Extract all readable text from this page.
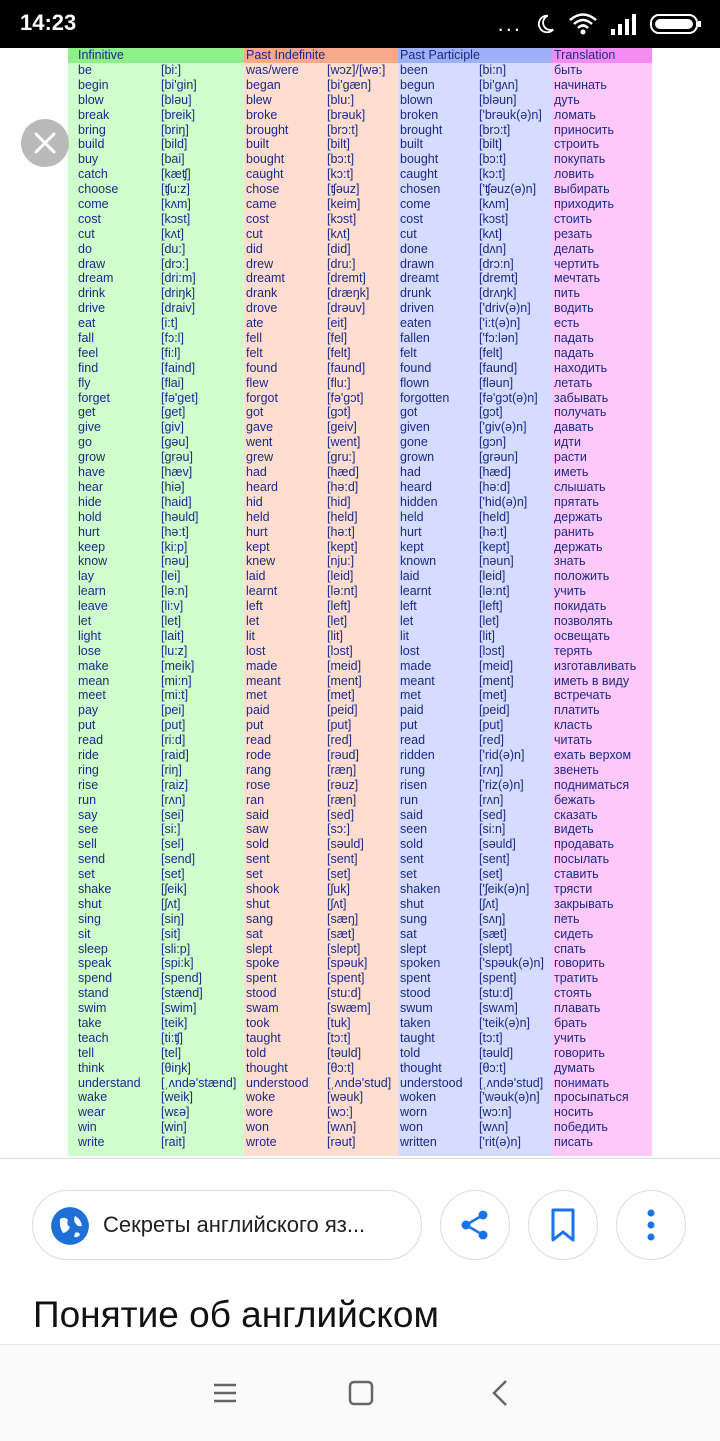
14:23	...
Infinitive	Past Indefinite	Past Participle	Translation
be	[bi:]	was/were [wɔz]/[wə:] been	[bi:n]	быть
begin	[bi'gin]	began	[bi'gæn] begun	[bi'gʌn]	начинать
blow	[bləu]	blew	[blu:]	blown	[bləun]	дуть
break	[breik]	broke	[brəuk]	broken	['brəuk(ə)n] ломать
bring	[briŋ]	brought	[brɔ:t]	brought	[brɔ:t]	приносить
build	[bild]	built	[bilt]	built	[bilt]	строить
buy	[bai]	bought	[bɔ:t]	bought	[bɔ:t]	покупать
catch	[kæʧ]	caught	[kɔ:t]	caught	[kɔ:t]	ловить
choose	[ʧu:z]	chose	[ʧəuz]	chosen	['ʧəuz(ə)n] выбирать
come	[kʌm]	came	[keim]	come	[kʌm]	приходить
cost	[kɔst]	cost	[kɔst]	cost	[kɔst]	стоить
cut	[kʌt]	cut	[kʌt]	cut	[kʌt]	резать
do	[du:]	did	[did]	done	[dʌn]	делать
draw	[drɔ:]	drew	[dru:]	drawn	[drɔ:n]	чертить
dream	[dri:m]	dreamt	[dremt]	dreamt	[dremt]	мечтать
drink	[driŋk]	drank	[dræŋk] drunk	[drʌŋk]	пить
drive	[draiv]	drove	[drəuv]	driven	['driv(ə)n] водить
eat	[i:t]	ate	[eit]	eaten	['i:t(ə)n]	есть
fall	[fɔ:l]	fell	[fel]	fallen	['fɔ:lən]	падать
feel	[fi:l]	felt	[felt]	felt	[felt]	падать
find	[faind]	found	[faund]	found	[faund]	находить
fly	[flai]	flew	[flu:]	flown	[fləun]	летать
forget	[fə'get]	forgot	[fə'gɔt]	forgotten [fə'gɔt(ə)n] забывать
get	[get]	got	[gɔt]	got	[gɔt]	получать
give	[giv]	gave	[geiv]	given	['giv(ə)n] давать
go	[gəu]	went	[went]	gone	[gɔn]	идти
grow	[grəu]	grew	[gru:]	grown	[grəun]	расти
have	[hæv]	had	[hæd]	had	[hæd]	иметь
hear	[hiə]	heard	[hə:d]	heard	[hə:d]	слышать
hide	[haid]	hid	[hid]	hidden	['hid(ə)n] прятать
hold	[həuld]	held	[held]	held	[held]	держать
hurt	[hə:t]	hurt	[hə:t]	hurt	[hə:t]	ранить
keep	[ki:p]	kept	[kept]	kept	[kept]	держать
know	[nəu]	knew	[nju:]	known	[nəun]	знать
lay	[lei]	laid	[leid]	laid	[leid]	положить
learn	[lə:n]	learnt	[lə:nt]	learnt	[lə:nt]	учить
leave	[li:v]	left	[left]	left	[left]	покидать
let	[let]	let	[let]	let	[let]	позволять
light	[lait]	lit	[lit]	lit	[lit]	освещать
lose	[lu:z]	lost	[lɔst]	lost	[lɔst]	терять
make	[meik]	made	[meid]	made	[meid]	изготавливать
mean	[mi:n]	meant	[ment]	meant	[ment]	иметь в виду
meet	[mi:t]	met	[met]	met	[met]	встречать
pay	[pei]	paid	[peid]	paid	[peid]	платить
put	[put]	put	[put]	put	[put]	класть
read	[ri:d]	read	[red]	read	[red]	читать
ride	[raid]	rode	[rəud]	ridden	['rid(ə)n] ехать верхом
ring	[riŋ]	rang	[ræŋ]	rung	[rʌŋ]	звенеть
rise	[raiz]	rose	[rəuz]	risen	['riz(ə)n] подниматься
run	[rʌn]	ran	[ræn]	run	[rʌn]	бежать
say	[sei]	said	[sed]	said	[sed]	сказать
see	[si:]	saw	[sɔ:]	seen	[si:n]	видеть
sell	[sel]	sold	[səuld]	sold	[səuld]	продавать
send	[send]	sent	[sent]	sent	[sent]	посылать
set	[set]	set	[set]	set	[set]	ставить
shake	[ʃeik]	shook	[ʃuk]	shaken	['ʃeik(ə)n] трясти
shut	[ʃʌt]	shut	[ʃʌt]	shut	[ʃʌt]	закрывать
sing	[siŋ]	sang	[sæŋ]	sung	[sʌŋ]	петь
sit	[sit]	sat	[sæt]	sat	[sæt]	сидеть
sleep	[sli:p]	slept	[slept]	slept	[slept]	спать
speak	[spi:k]	spoke	[spəuk]	spoken	['spəuk(ə)n] говорить
spend	[spend]	spent	[spent]	spent	[spent]	тратить
stand	[stænd]	stood	[stu:d]	stood	[stu:d]	стоять
swim	[swim]	swam	[swæm] swum	[swʌm]	плавать
take	[teik]	took	[tuk]	taken	['teik(ə)n] брать
teach	[ti:ʧ]	taught	[tɔ:t]	taught	[tɔ:t]	учить
tell	[tel]	told	[təuld]	told	[təuld]	говорить
think	[θiŋk]	thought	[θɔ:t]	thought	[θɔ:t]	думать
understand [ˌʌndə'stænd] understood [ˌʌndə'stud] understood [ˌʌndə'stud] понимать
wake	[weik]	woke	[wəuk]	woken	['wəuk(ə)n] просыпаться
wear	[wεə]	wore	[wɔ:]	worn	[wɔ:n]	носить
win	[win]	won	[wʌn]	won	[wʌn]	победить
write	[rait]	wrote	[rəut]	written	['rit(ə)n]	писать
Секреты английского яз...
Понятие об английском
